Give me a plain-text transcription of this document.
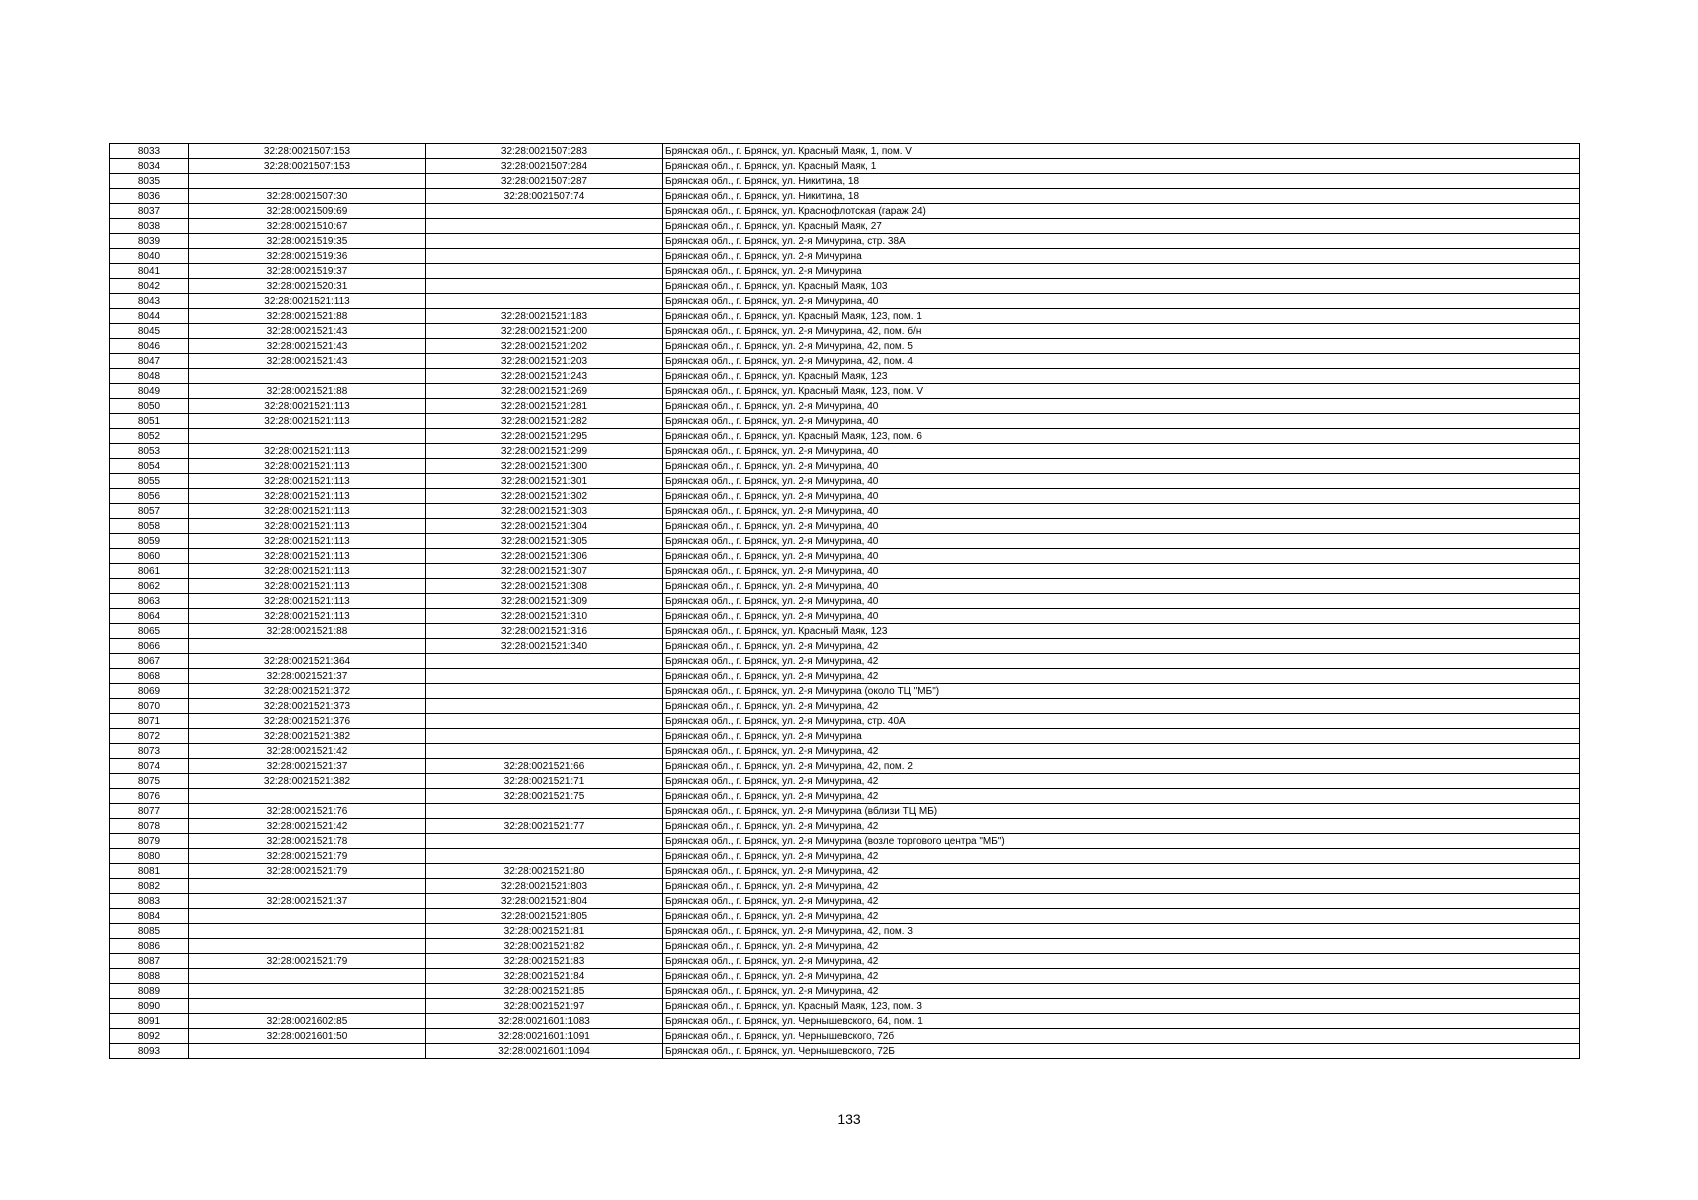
8033	32:28:0021507:153	32:28:0021507:283	Брянская обл., г. Брянск, ул. Красный Маяк, 1, пом. V
8034	32:28:0021507:153	32:28:0021507:284	Брянская обл., г. Брянск, ул. Красный Маяк, 1
8035		32:28:0021507:287	Брянская обл., г. Брянск, ул. Никитина, 18
8036	32:28:0021507:30	32:28:0021507:74	Брянская обл., г. Брянск, ул. Никитина, 18
8037	32:28:0021509:69		Брянская обл., г. Брянск, ул. Краснофлотская (гараж 24)
8038	32:28:0021510:67		Брянская обл., г. Брянск, ул. Красный Маяк, 27
8039	32:28:0021519:35		Брянская обл., г. Брянск, ул. 2-я Мичурина, стр. 38А
8040	32:28:0021519:36		Брянская обл., г. Брянск, ул. 2-я Мичурина
8041	32:28:0021519:37		Брянская обл., г. Брянск, ул. 2-я Мичурина
8042	32:28:0021520:31		Брянская обл., г. Брянск, ул. Красный Маяк, 103
8043	32:28:0021521:113		Брянская обл., г. Брянск, ул. 2-я Мичурина, 40
8044	32:28:0021521:88	32:28:0021521:183	Брянская обл., г. Брянск, ул. Красный Маяк, 123, пом. 1
8045	32:28:0021521:43	32:28:0021521:200	Брянская обл., г. Брянск, ул. 2-я Мичурина, 42, пом. б/н
8046	32:28:0021521:43	32:28:0021521:202	Брянская обл., г. Брянск, ул. 2-я Мичурина, 42, пом. 5
8047	32:28:0021521:43	32:28:0021521:203	Брянская обл., г. Брянск, ул. 2-я Мичурина, 42, пом. 4
8048		32:28:0021521:243	Брянская обл., г. Брянск, ул. Красный Маяк, 123
8049	32:28:0021521:88	32:28:0021521:269	Брянская обл., г. Брянск, ул. Красный Маяк, 123, пом. V
8050	32:28:0021521:113	32:28:0021521:281	Брянская обл., г. Брянск, ул. 2-я Мичурина, 40
8051	32:28:0021521:113	32:28:0021521:282	Брянская обл., г. Брянск, ул. 2-я Мичурина, 40
8052		32:28:0021521:295	Брянская обл., г. Брянск, ул. Красный Маяк, 123, пом. 6
8053	32:28:0021521:113	32:28:0021521:299	Брянская обл., г. Брянск, ул. 2-я Мичурина, 40
8054	32:28:0021521:113	32:28:0021521:300	Брянская обл., г. Брянск, ул. 2-я Мичурина, 40
8055	32:28:0021521:113	32:28:0021521:301	Брянская обл., г. Брянск, ул. 2-я Мичурина, 40
8056	32:28:0021521:113	32:28:0021521:302	Брянская обл., г. Брянск, ул. 2-я Мичурина, 40
8057	32:28:0021521:113	32:28:0021521:303	Брянская обл., г. Брянск, ул. 2-я Мичурина, 40
8058	32:28:0021521:113	32:28:0021521:304	Брянская обл., г. Брянск, ул. 2-я Мичурина, 40
8059	32:28:0021521:113	32:28:0021521:305	Брянская обл., г. Брянск, ул. 2-я Мичурина, 40
8060	32:28:0021521:113	32:28:0021521:306	Брянская обл., г. Брянск, ул. 2-я Мичурина, 40
8061	32:28:0021521:113	32:28:0021521:307	Брянская обл., г. Брянск, ул. 2-я Мичурина, 40
8062	32:28:0021521:113	32:28:0021521:308	Брянская обл., г. Брянск, ул. 2-я Мичурина, 40
8063	32:28:0021521:113	32:28:0021521:309	Брянская обл., г. Брянск, ул. 2-я Мичурина, 40
8064	32:28:0021521:113	32:28:0021521:310	Брянская обл., г. Брянск, ул. 2-я Мичурина, 40
8065	32:28:0021521:88	32:28:0021521:316	Брянская обл., г. Брянск, ул. Красный Маяк, 123
8066		32:28:0021521:340	Брянская обл., г. Брянск, ул. 2-я Мичурина, 42
8067	32:28:0021521:364		Брянская обл., г. Брянск, ул. 2-я Мичурина, 42
8068	32:28:0021521:37		Брянская обл., г. Брянск, ул. 2-я Мичурина, 42
8069	32:28:0021521:372		Брянская обл., г. Брянск, ул. 2-я Мичурина (около ТЦ "МБ")
8070	32:28:0021521:373		Брянская обл., г. Брянск, ул. 2-я Мичурина, 42
8071	32:28:0021521:376		Брянская обл., г. Брянск, ул. 2-я Мичурина, стр. 40А
8072	32:28:0021521:382		Брянская обл., г. Брянск, ул. 2-я Мичурина
8073	32:28:0021521:42		Брянская обл., г. Брянск, ул. 2-я Мичурина, 42
8074	32:28:0021521:37	32:28:0021521:66	Брянская обл., г. Брянск, ул. 2-я Мичурина, 42, пом. 2
8075	32:28:0021521:382	32:28:0021521:71	Брянская обл., г. Брянск, ул. 2-я Мичурина, 42
8076		32:28:0021521:75	Брянская обл., г. Брянск, ул. 2-я Мичурина, 42
8077	32:28:0021521:76		Брянская обл., г. Брянск, ул. 2-я Мичурина (вблизи ТЦ МБ)
8078	32:28:0021521:42	32:28:0021521:77	Брянская обл., г. Брянск, ул. 2-я Мичурина, 42
8079	32:28:0021521:78		Брянская обл., г. Брянск, ул. 2-я Мичурина (возле торгового центра "МБ")
8080	32:28:0021521:79		Брянская обл., г. Брянск, ул. 2-я Мичурина, 42
8081	32:28:0021521:79	32:28:0021521:80	Брянская обл., г. Брянск, ул. 2-я Мичурина, 42
8082		32:28:0021521:803	Брянская обл., г. Брянск, ул. 2-я Мичурина, 42
8083	32:28:0021521:37	32:28:0021521:804	Брянская обл., г. Брянск, ул. 2-я Мичурина, 42
8084		32:28:0021521:805	Брянская обл., г. Брянск, ул. 2-я Мичурина, 42
8085		32:28:0021521:81	Брянская обл., г. Брянск, ул. 2-я Мичурина, 42, пом. 3
8086		32:28:0021521:82	Брянская обл., г. Брянск, ул. 2-я Мичурина, 42
8087	32:28:0021521:79	32:28:0021521:83	Брянская обл., г. Брянск, ул. 2-я Мичурина, 42
8088		32:28:0021521:84	Брянская обл., г. Брянск, ул. 2-я Мичурина, 42
8089		32:28:0021521:85	Брянская обл., г. Брянск, ул. 2-я Мичурина, 42
8090		32:28:0021521:97	Брянская обл., г. Брянск, ул. Красный Маяк, 123, пом. 3
8091	32:28:0021602:85	32:28:0021601:1083	Брянская обл., г. Брянск, ул. Чернышевского, 64, пом. 1
8092	32:28:0021601:50	32:28:0021601:1091	Брянская обл., г. Брянск, ул. Чернышевского, 72б
8093		32:28:0021601:1094	Брянская обл., г. Брянск, ул. Чернышевского, 72Б
133
